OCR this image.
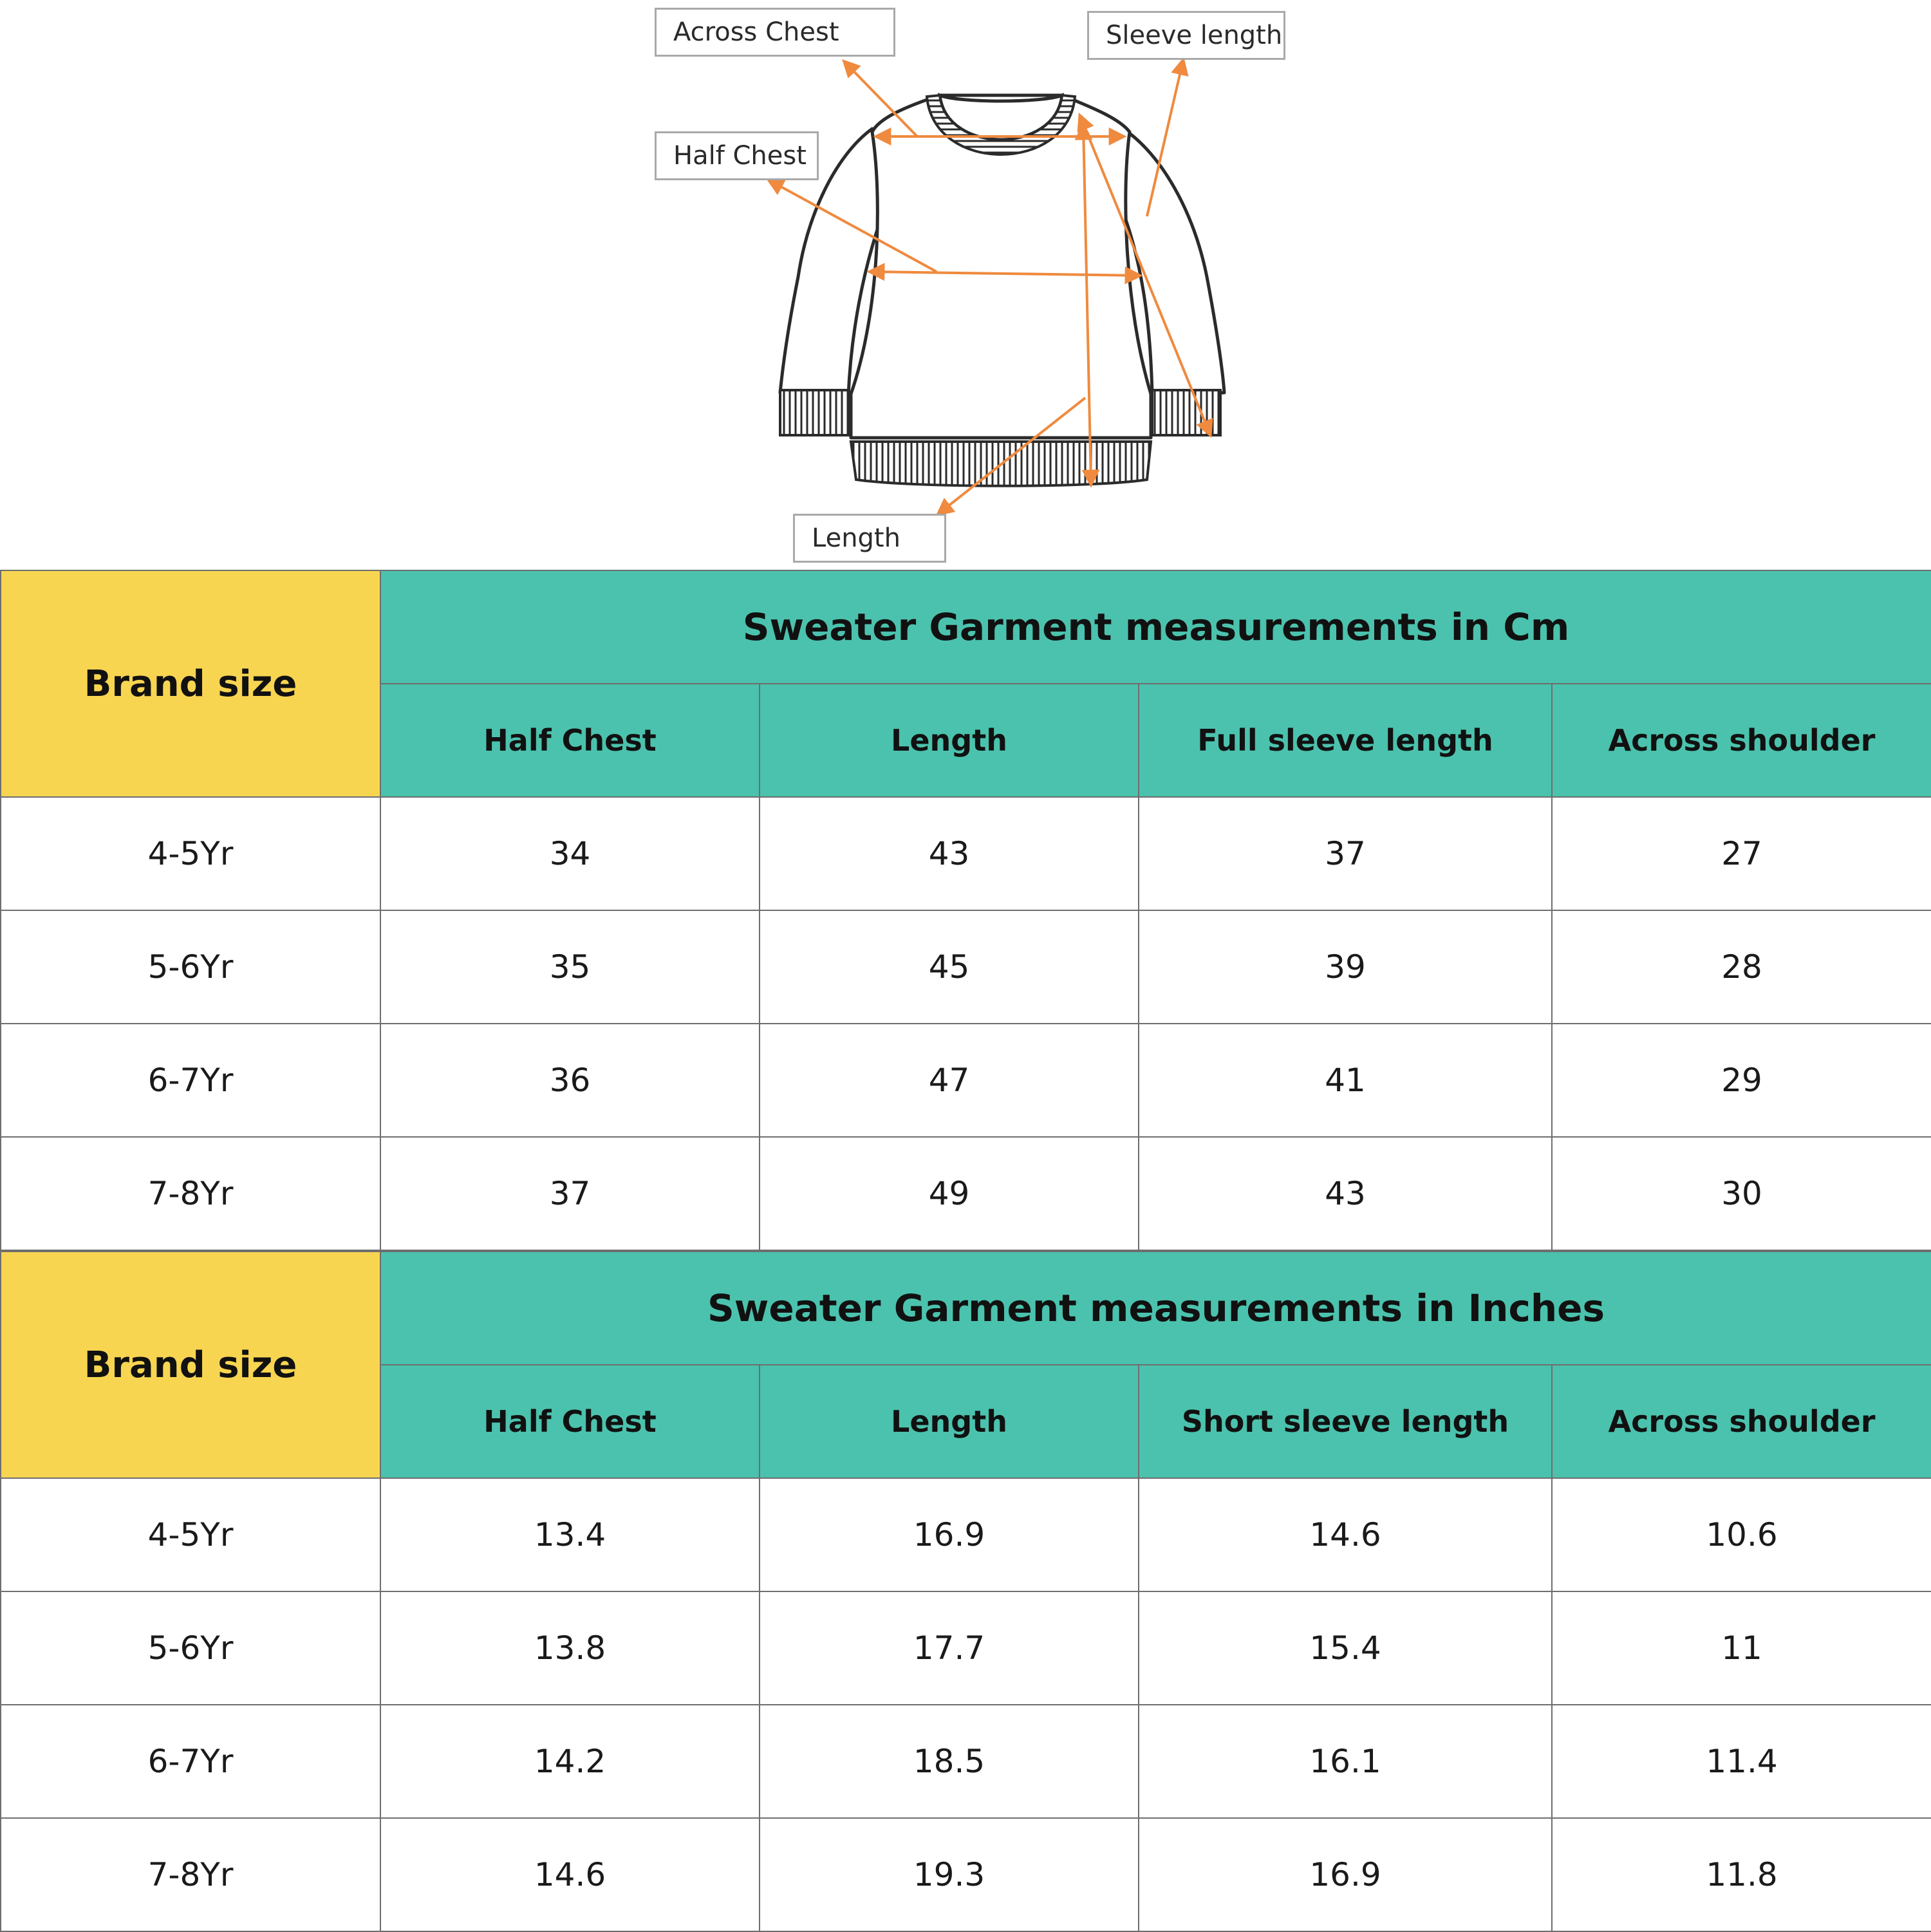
Across Chest	Sleeve length
Half Chest
Length
Brand size	Sweater Garment measurements in Cm			
	Half Chest	Length	Full sleeve length	Across shoulder
4-5Yr	34	43	37	27
5-6Yr	35	45	39	28
6-7Yr	36	47	41	29
7-8Yr	37	49	43	30
Brand size	Sweater Garment measurements in Inches			
	Half Chest	Length	Short sleeve length	Across shoulder
4-5Yr	13.4	16.9	14.6	10.6
5-6Yr	13.8	17.7	15.4	11
6-7Yr	14.2	18.5	16.1	11.4
7-8Yr	14.6	19.3	16.9	11.8
